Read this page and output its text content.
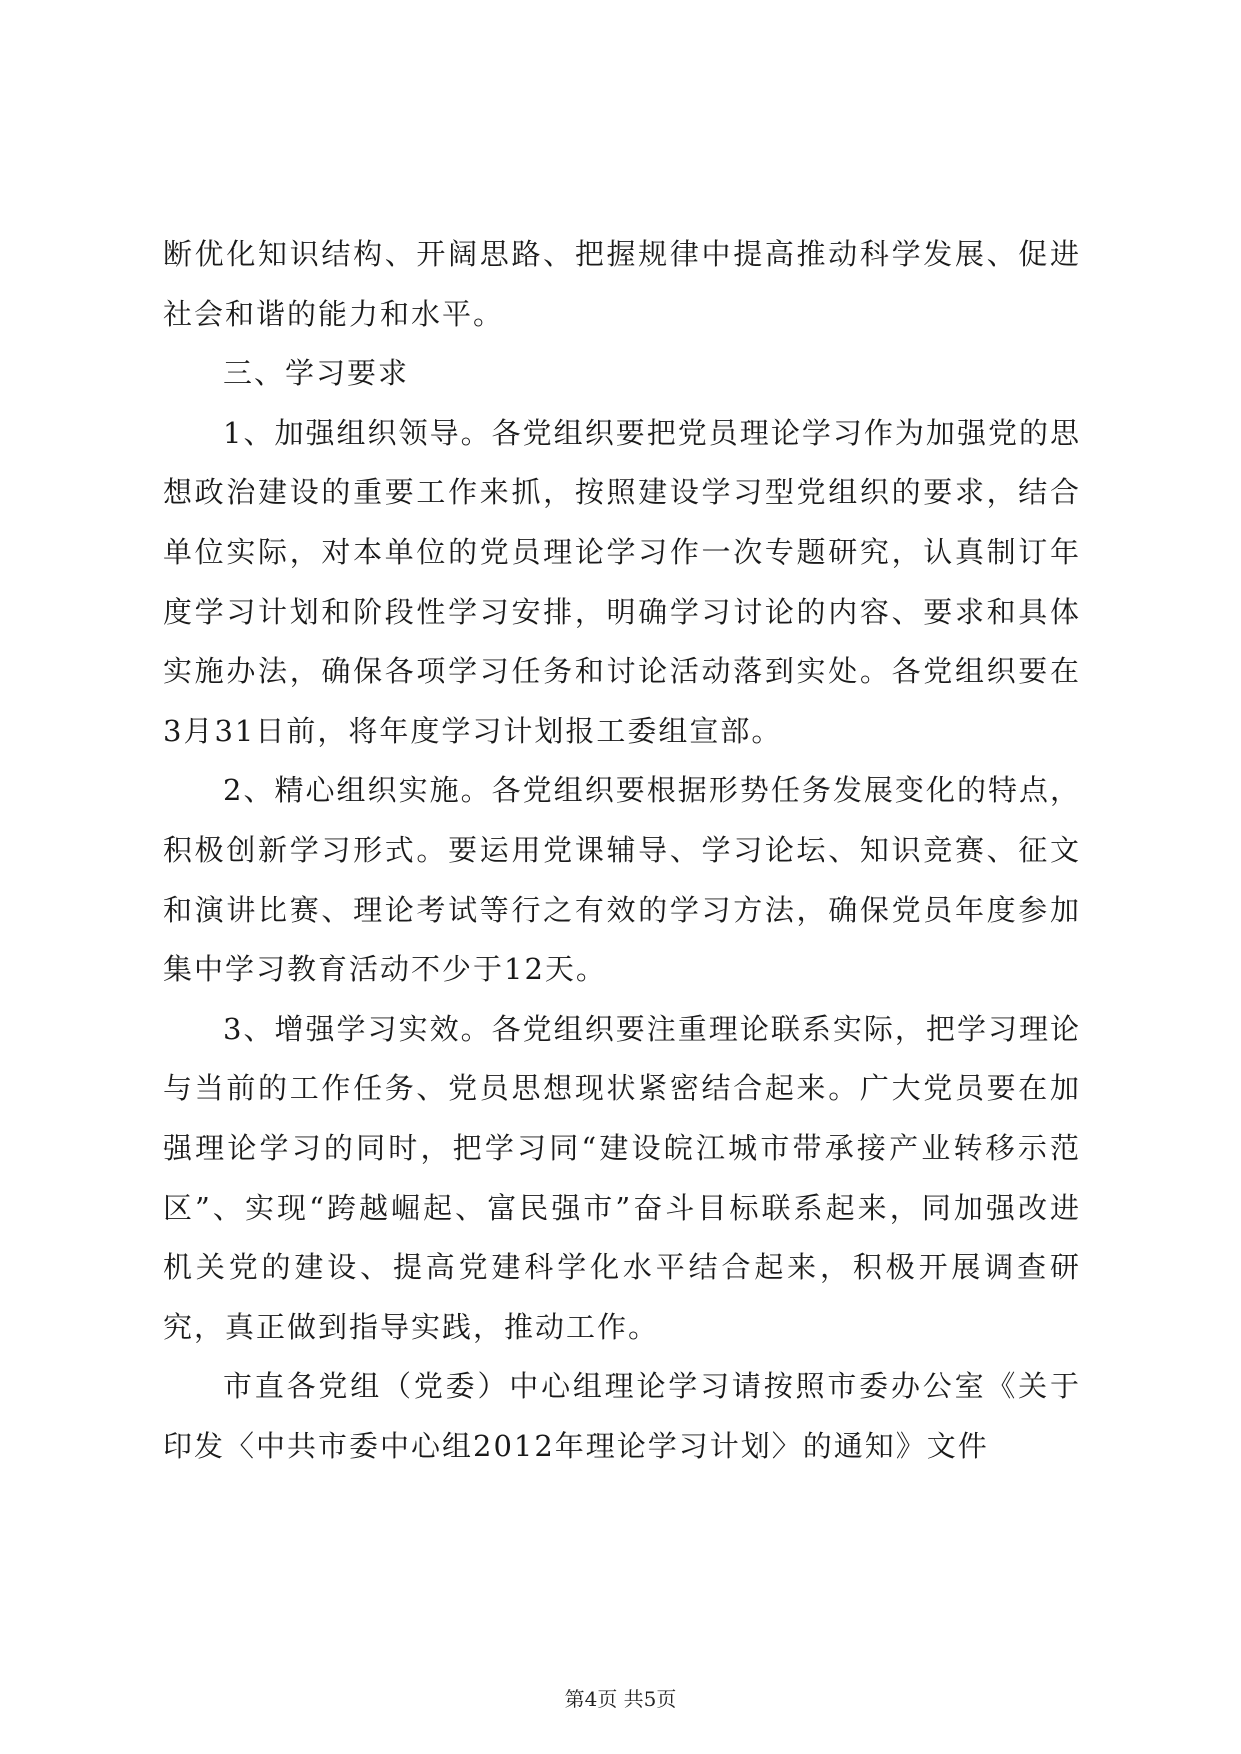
断优化知识结构、开阔思路、把握规律中提高推动科学发展、促进社会和谐的能力和水平。

三、学习要求

1、加强组织领导。各党组织要把党员理论学习作为加强党的思想政治建设的重要工作来抓，按照建设学习型党组织的要求，结合单位实际，对本单位的党员理论学习作一次专题研究，认真制订年度学习计划和阶段性学习安排，明确学习讨论的内容、要求和具体实施办法，确保各项学习任务和讨论活动落到实处。各党组织要在3月31日前，将年度学习计划报工委组宣部。

2、精心组织实施。各党组织要根据形势任务发展变化的特点，积极创新学习形式。要运用党课辅导、学习论坛、知识竞赛、征文和演讲比赛、理论考试等行之有效的学习方法，确保党员年度参加集中学习教育活动不少于12天。

3、增强学习实效。各党组织要注重理论联系实际，把学习理论与当前的工作任务、党员思想现状紧密结合起来。广大党员要在加强理论学习的同时，把学习同“建设皖江城市带承接产业转移示范区”、实现“跨越崛起、富民强市”奋斗目标联系起来，同加强改进机关党的建设、提高党建科学化水平结合起来，积极开展调查研究，真正做到指导实践，推动工作。

市直各党组（党委）中心组理论学习请按照市委办公室《关于印发〈中共市委中心组2012年理论学习计划〉的通知》文件

第4页 共5页
